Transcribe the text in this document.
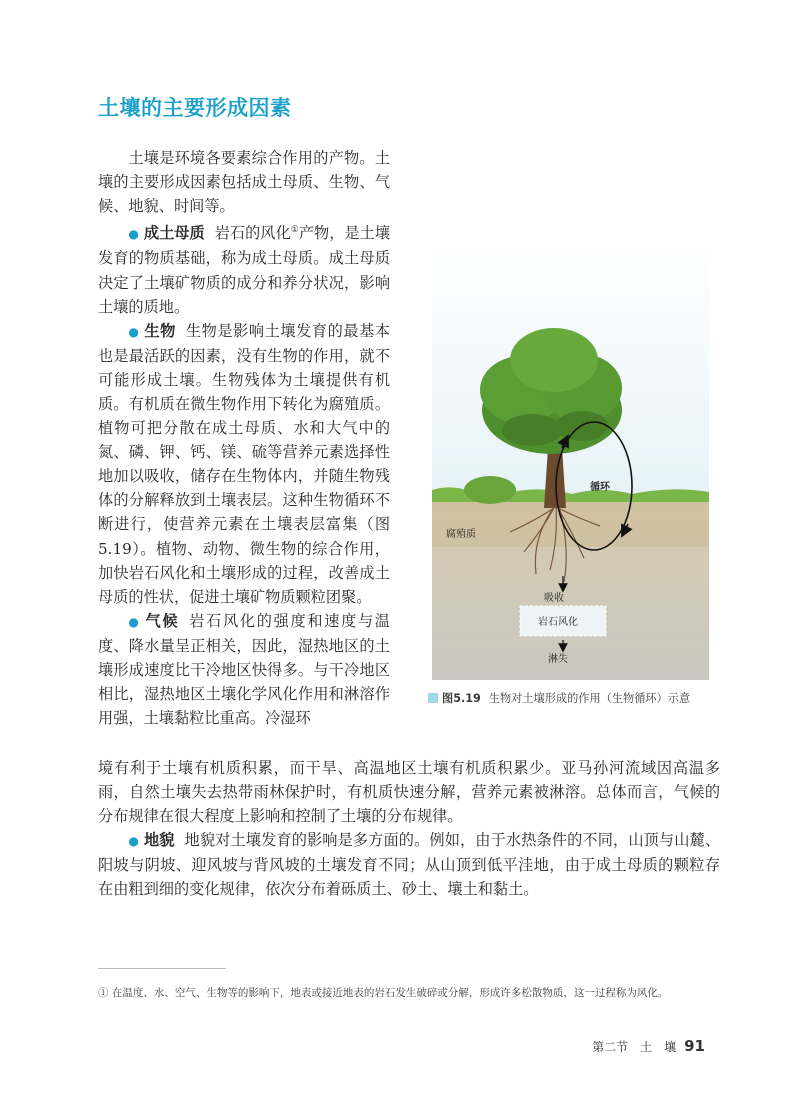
土壤的主要形成因素

土壤是环境各要素综合作用的产物。土壤的主要形成因素包括成土母质、生物、气候、地貌、时间等。

● 成土母质 岩石的风化①产物，是土壤发育的物质基础，称为成土母质。成土母质决定了土壤矿物质的成分和养分状况，影响土壤的质地。

● 生物 生物是影响土壤发育的最基本也是最活跃的因素，没有生物的作用，就不可能形成土壤。生物残体为土壤提供有机质。有机质在微生物作用下转化为腐殖质。植物可把分散在成土母质、水和大气中的氮、磷、钾、钙、镁、硫等营养元素选择性地加以吸收，储存在生物体内，并随生物残体的分解释放到土壤表层。这种生物循环不断进行，使营养元素在土壤表层富集（图5.19）。植物、动物、微生物的综合作用，加快岩石风化和土壤形成的过程，改善成土母质的性状，促进土壤矿物质颗粒团聚。

● 气候 岩石风化的强度和速度与温度、降水量呈正相关，因此，湿热地区的土壤形成速度比干冷地区快得多。与干冷地区相比，湿热地区土壤化学风化作用和淋溶作用强，土壤黏粒比重高。冷湿环

循环
腐殖质
吸收
岩石风化
淋失
图5.19 生物对土壤形成的作用（生物循环）示意

境有利于土壤有机质积累，而干旱、高温地区土壤有机质积累少。亚马孙河流域因高温多雨，自然土壤失去热带雨林保护时，有机质快速分解，营养元素被淋溶。总体而言，气候的分布规律在很大程度上影响和控制了土壤的分布规律。

● 地貌 地貌对土壤发育的影响是多方面的。例如，由于水热条件的不同，山顶与山麓、阳坡与阴坡、迎风坡与背风坡的土壤发育不同；从山顶到低平洼地，由于成土母质的颗粒存在由粗到细的变化规律，依次分布着砾质土、砂土、壤土和黏土。

① 在温度、水、空气、生物等的影响下，地表或接近地表的岩石发生破碎或分解，形成许多松散物质，这一过程称为风化。
第二节　土　壤 91
